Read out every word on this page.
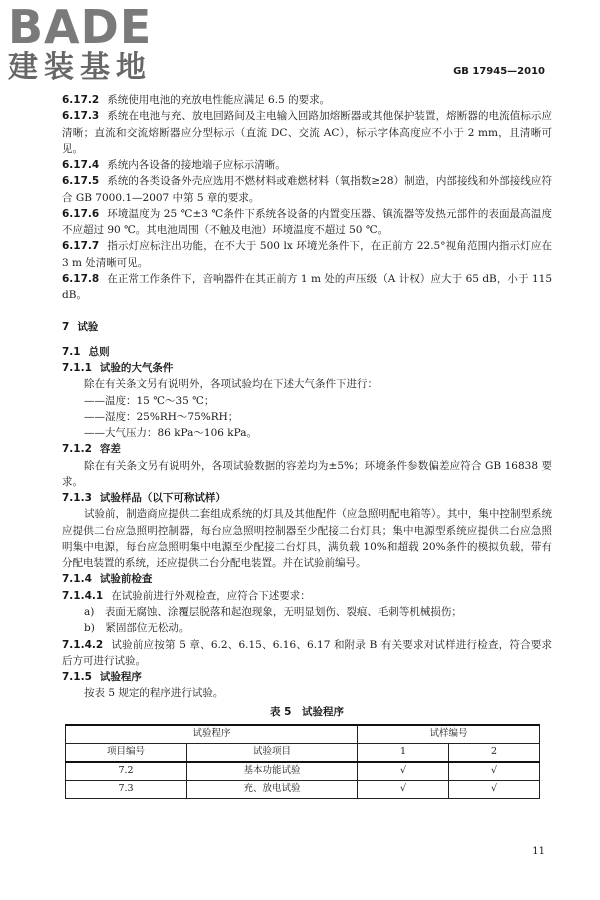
BADE
建装基地	GB 17945—2010

6.17.2 系统使用电池的充放电性能应满足 6.5 的要求。

6.17.3 系统在电池与充、放电回路间及主电输入回路加熔断器或其他保护装置，熔断器的电流值标示应清晰；直流和交流熔断器应分型标示（直流 DC、交流 AC），标示字体高度应不小于 2 mm，且清晰可见。

6.17.4 系统内各设备的接地端子应标示清晰。

6.17.5 系统的各类设备外壳应选用不燃材料或难燃材料（氧指数≥28）制造，内部接线和外部接线应符合 GB 7000.1—2007 中第 5 章的要求。

6.17.6 环境温度为 25 ℃±3 ℃条件下系统各设备的内置变压器、镇流器等发热元部件的表面最高温度不应超过 90 ℃。其电池周围（不触及电池）环境温度不超过 50 ℃。

6.17.7 指示灯应标注出功能，在不大于 500 lx 环境光条件下，在正前方 22.5°视角范围内指示灯应在 3 m 处清晰可见。

6.17.8 在正常工作条件下，音响器件在其正前方 1 m 处的声压级（A 计权）应大于 65 dB，小于 115 dB。

7 试验

7.1 总则

7.1.1 试验的大气条件

除在有关条文另有说明外，各项试验均在下述大气条件下进行：

——温度：15 ℃～35 ℃；

——湿度：25%RH～75%RH；

——大气压力：86 kPa～106 kPa。

7.1.2 容差

除在有关条文另有说明外，各项试验数据的容差均为±5%；环境条件参数偏差应符合 GB 16838 要求。

7.1.3 试验样品（以下可称试样）

试验前，制造商应提供二套组成系统的灯具及其他配件（应急照明配电箱等）。其中，集中控制型系统应提供二台应急照明控制器，每台应急照明控制器至少配接二台灯具；集中电源型系统应提供二台应急照明集中电源，每台应急照明集中电源至少配接二台灯具，满负载 10%和超载 20%条件的模拟负载，带有分配电装置的系统，还应提供二台分配电装置。并在试验前编号。

7.1.4 试验前检查

7.1.4.1 在试验前进行外观检查，应符合下述要求：

a)　表面无腐蚀、涂覆层脱落和起泡现象，无明显划伤、裂痕、毛刺等机械损伤；

b)　紧固部位无松动。

7.1.4.2 试验前应按第 5 章、6.2、6.15、6.16、6.17 和附录 B 有关要求对试样进行检查，符合要求后方可进行试验。

7.1.5 试验程序

按表 5 规定的程序进行试验。

表 5　试验程序

试验程序		试样编号	
项目编号	试验项目	1	2
7.2	基本功能试验	√	√
7.3	充、放电试验	√	√
11
